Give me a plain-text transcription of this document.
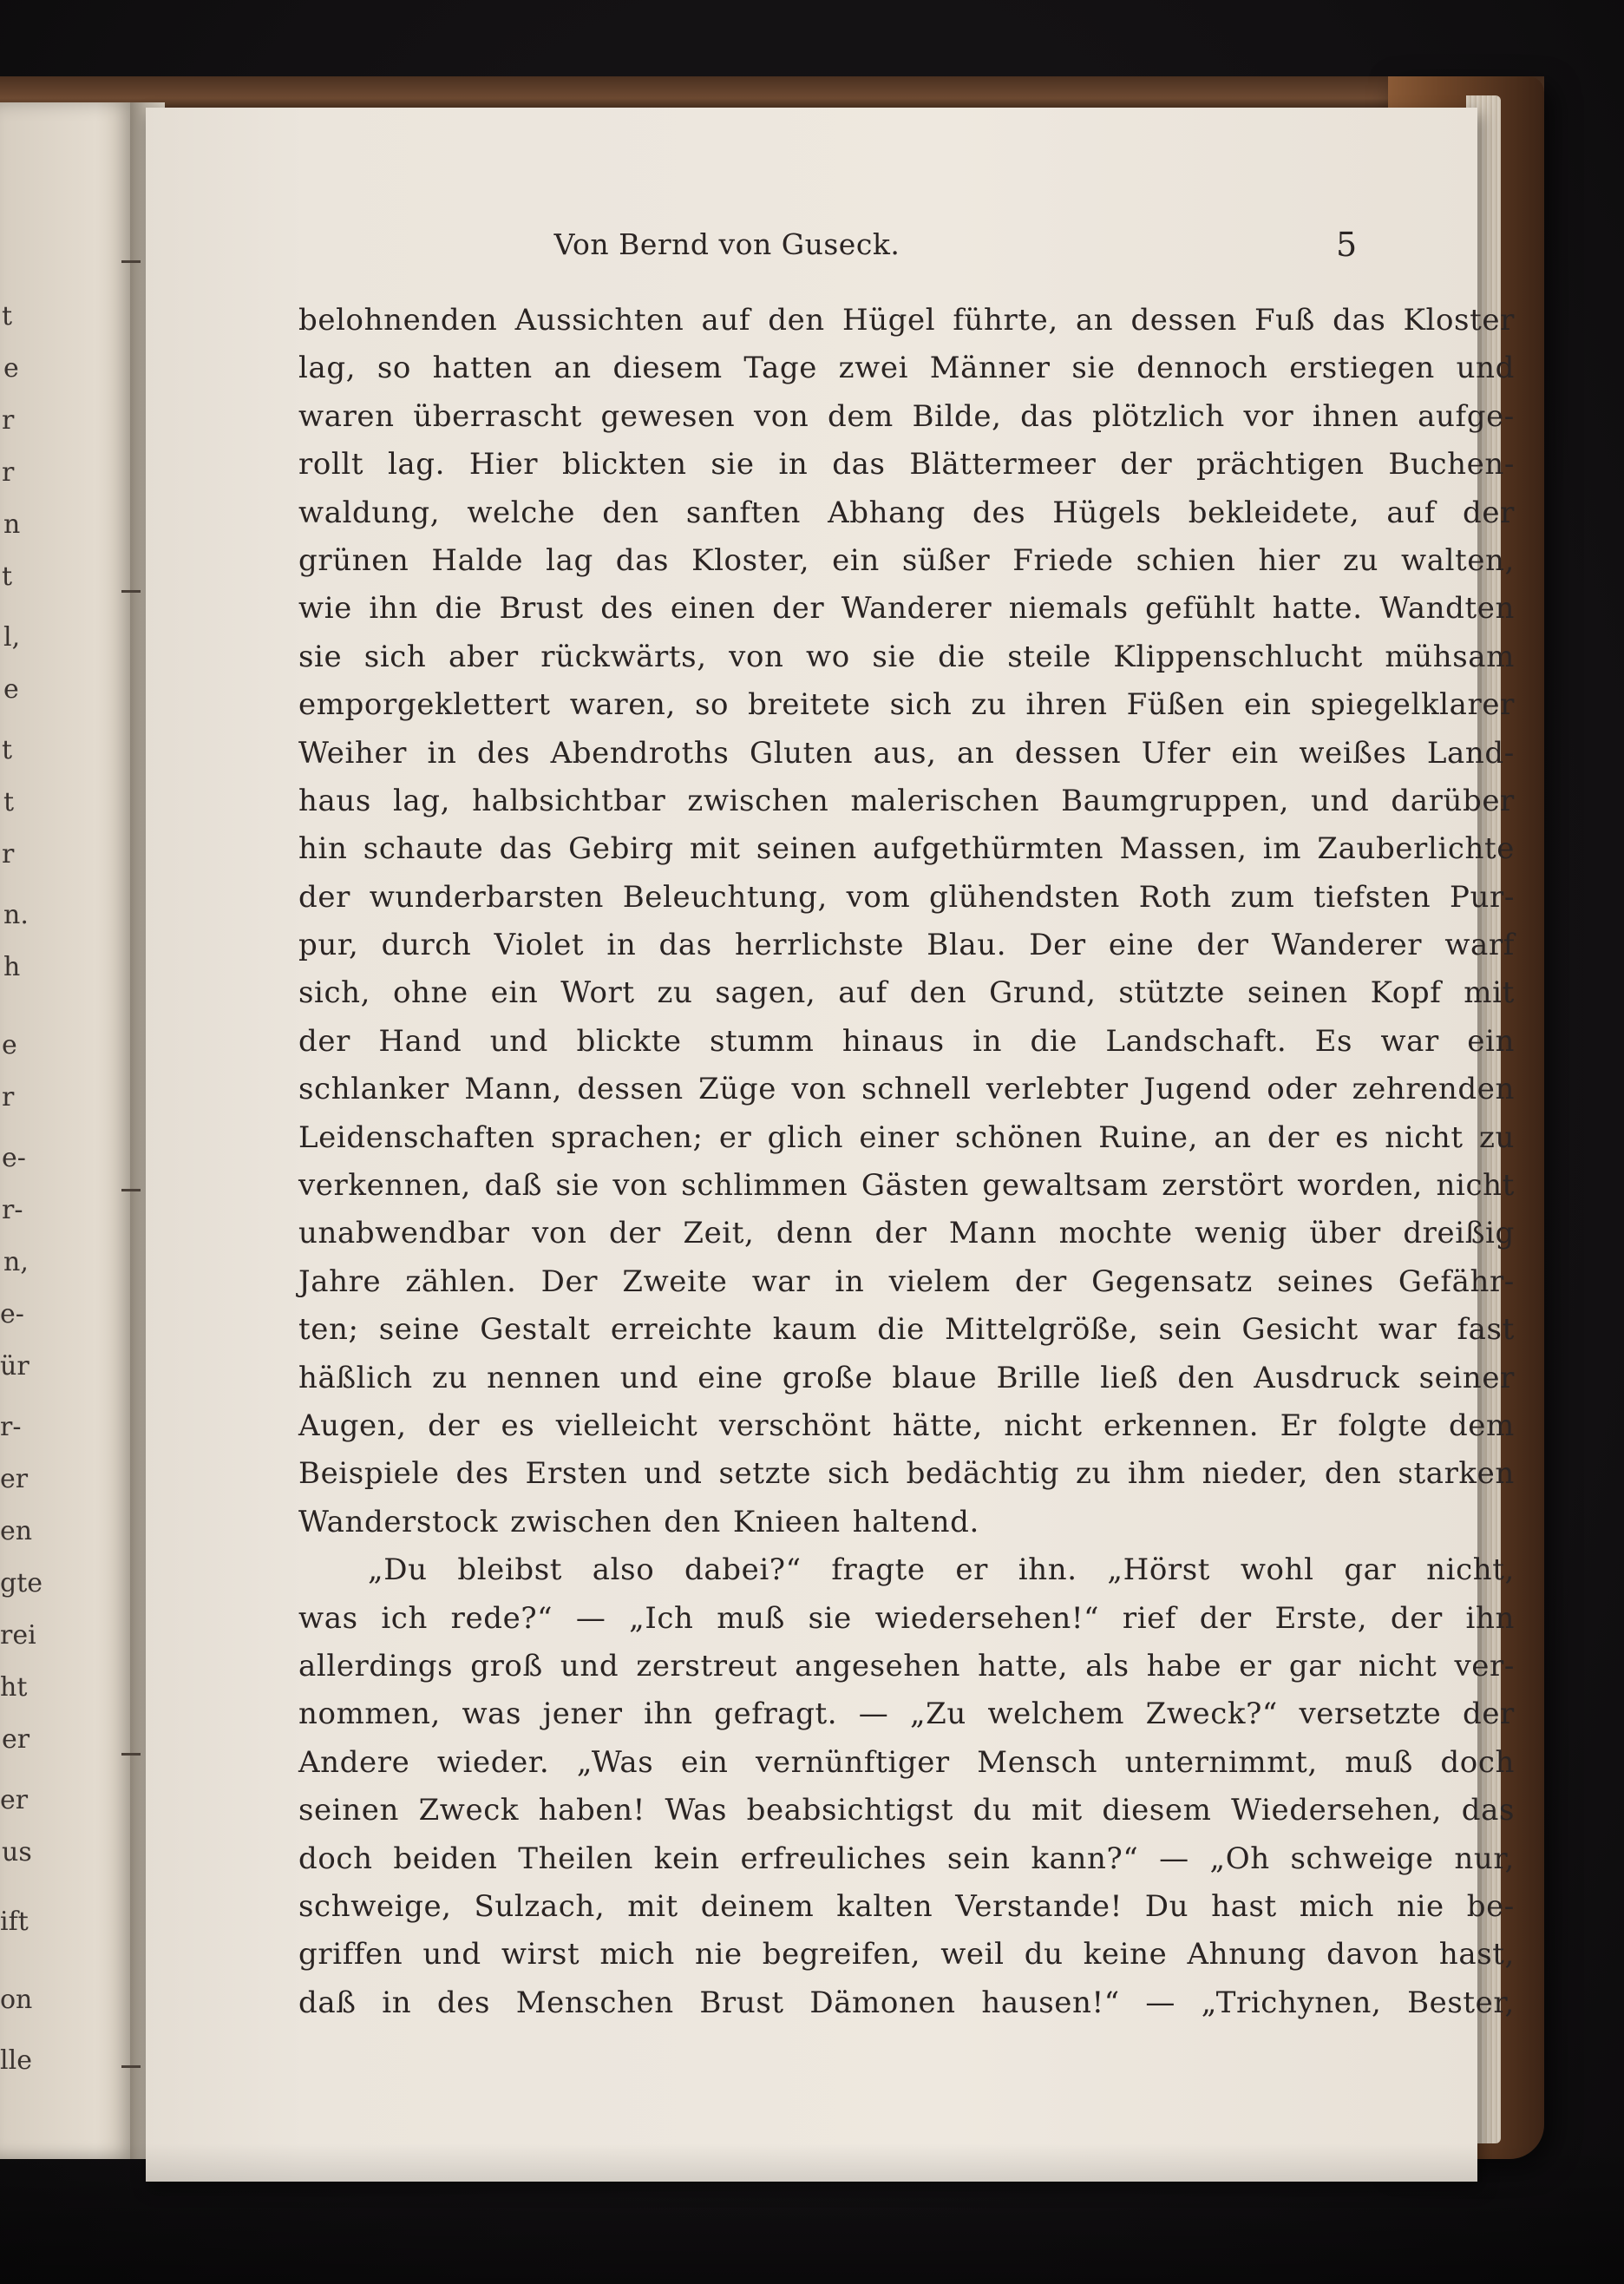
t
e
r
r
n
t
l,
e
t
t
r
n.
h
e
r
e-
r-
n,
e-
ür
r-
er
en
gte
rei
ht
er
er
us
ift
on
lle
Von Bernd von Guseck.	5
belohnenden Aussichten auf den Hügel führte, an dessen Fuß das Kloster
lag, so hatten an diesem Tage zwei Männer sie dennoch erstiegen und
waren überrascht gewesen von dem Bilde, das plötzlich vor ihnen aufge-
rollt lag. Hier blickten sie in das Blättermeer der prächtigen Buchen-
waldung, welche den sanften Abhang des Hügels bekleidete, auf der
grünen Halde lag das Kloster, ein süßer Friede schien hier zu walten,
wie ihn die Brust des einen der Wanderer niemals gefühlt hatte. Wandten
sie sich aber rückwärts, von wo sie die steile Klippenschlucht mühsam
emporgeklettert waren, so breitete sich zu ihren Füßen ein spiegelklarer
Weiher in des Abendroths Gluten aus, an dessen Ufer ein weißes Land-
haus lag, halbsichtbar zwischen malerischen Baumgruppen, und darüber
hin schaute das Gebirg mit seinen aufgethürmten Massen, im Zauberlichte
der wunderbarsten Beleuchtung, vom glühendsten Roth zum tiefsten Pur-
pur, durch Violet in das herrlichste Blau. Der eine der Wanderer warf
sich, ohne ein Wort zu sagen, auf den Grund, stützte seinen Kopf mit
der Hand und blickte stumm hinaus in die Landschaft. Es war ein
schlanker Mann, dessen Züge von schnell verlebter Jugend oder zehrenden
Leidenschaften sprachen; er glich einer schönen Ruine, an der es nicht zu
verkennen, daß sie von schlimmen Gästen gewaltsam zerstört worden, nicht
unabwendbar von der Zeit, denn der Mann mochte wenig über dreißig
Jahre zählen. Der Zweite war in vielem der Gegensatz seines Gefähr-
ten; seine Gestalt erreichte kaum die Mittelgröße, sein Gesicht war fast
häßlich zu nennen und eine große blaue Brille ließ den Ausdruck seiner
Augen, der es vielleicht verschönt hätte, nicht erkennen. Er folgte dem
Beispiele des Ersten und setzte sich bedächtig zu ihm nieder, den starken
Wanderstock zwischen den Knieen haltend.
„Du bleibst also dabei?“ fragte er ihn. „Hörst wohl gar nicht,
was ich rede?“ — „Ich muß sie wiedersehen!“ rief der Erste, der ihn
allerdings groß und zerstreut angesehen hatte, als habe er gar nicht ver-
nommen, was jener ihn gefragt. — „Zu welchem Zweck?“ versetzte der
Andere wieder. „Was ein vernünftiger Mensch unternimmt, muß doch
seinen Zweck haben! Was beabsichtigst du mit diesem Wiedersehen, das
doch beiden Theilen kein erfreuliches sein kann?“ — „Oh schweige nur,
schweige, Sulzach, mit deinem kalten Verstande! Du hast mich nie be-
griffen und wirst mich nie begreifen, weil du keine Ahnung davon hast,
daß in des Menschen Brust Dämonen hausen!“ — „Trichynen, Bester,
